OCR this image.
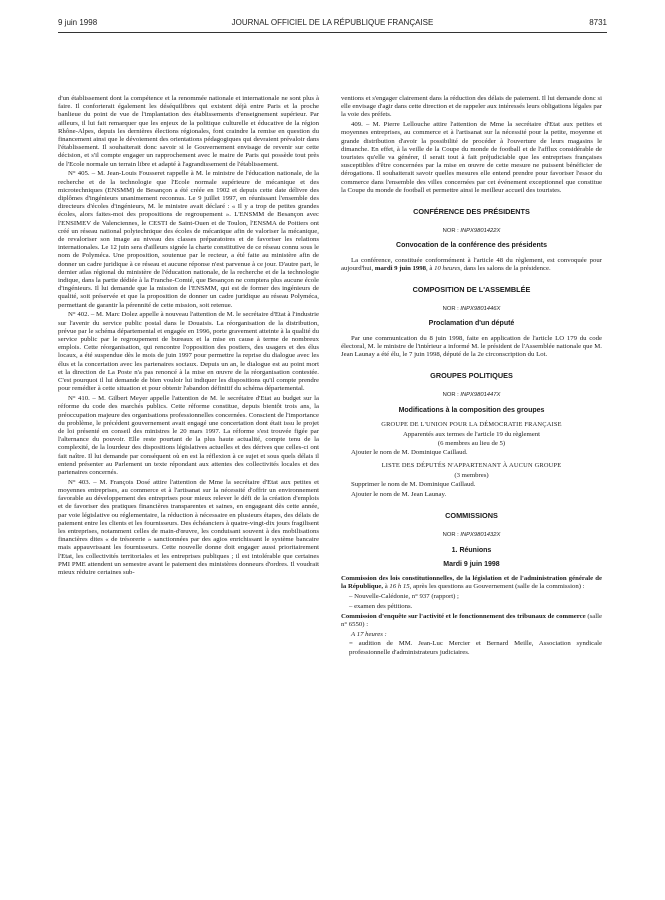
9 juin 1998	JOURNAL OFFICIEL DE LA RÉPUBLIQUE FRANÇAISE	8731

d'un établissement dont la compétence et la renommée nationale et internationale ne sont plus à faire. Il conforterait également les déséquilibres qui existent déjà entre Paris et la proche banlieue du point de vue de l'implantation des établissements d'enseignement supérieur. Par ailleurs, il lui fait remarquer que les enjeux de la politique culturelle et éducative de la région Rhône-Alpes, depuis les dernières élections régionales, font craindre la remise en question du financement ainsi que le dévoiement des orientations pédagogiques qui devraient prévaloir dans l'établissement. Il souhaiterait donc savoir si le Gouvernement envisage de revenir sur cette décision, et s'il compte engager un rapprochement avec le maire de Paris qui possède tout près de l'Ecole normale un terrain libre et adapté à l'agrandissement de l'établissement.

N° 405. – M. Jean-Louis Fousseret rappelle à M. le ministre de l'éducation nationale, de la recherche et de la technologie que l'Ecole normale supérieure de mécanique et des microtechniques (ENSMM) de Besançon a été créée en 1902 et depuis cette date délivre des diplômes d'ingénieurs unanimement reconnus. Le 9 juillet 1997, en réunissant l'ensemble des directeurs d'écoles d'ingénieurs, M. le ministre avait déclaré : « Il y a trop de petites grandes écoles, alors faites-moi des propositions de regroupement ». L'ENSMM de Besançon avec l'ENSIMEV de Valenciennes, le CESTI de Saint-Ouen et de Toulon, l'ENSMA de Poitiers ont créé un réseau national polytechnique des écoles de mécanique afin de valoriser la mécanique, de revaloriser son image au niveau des classes préparatoires et de favoriser les relations internationales. Le 12 juin sera d'ailleurs signée la charte constitutive de ce réseau connu sous le nom de Polyméca. Une proposition, soutenue par le recteur, a été faite au ministère afin de donner un cadre juridique à ce réseau et aucune réponse n'est parvenue à ce jour. D'autre part, le dernier atlas régional du ministère de l'éducation nationale, de la recherche et de la technologie indique, dans la partie dédiée à la Franche-Comté, que Besançon ne comptera plus aucune école d'ingénieurs. Il lui demande que la mission de l'ENSMM, qui est de former des ingénieurs de qualité, soit préservée et que la proposition de donner un cadre juridique au réseau Polyméca, permettant de garantir la pérennité de cette mission, soit retenue.

N° 402. – M. Marc Dolez appelle à nouveau l'attention de M. le secrétaire d'Etat à l'industrie sur l'avenir du service public postal dans le Douaisis. La réorganisation de la distribution, prévue par le schéma départemental et engagée en 1996, porte gravement atteinte à la qualité du service public par le regroupement de bureaux et la mise en cause à terme de nombreux emplois. Cette réorganisation, qui rencontre l'opposition des postiers, des usagers et des élus locaux, a été suspendue dès le mois de juin 1997 pour permettre la reprise du dialogue avec les élus et la concertation avec les partenaires sociaux. Depuis un an, le dialogue est au point mort et la direction de La Poste n'a pas renoncé à la mise en œuvre de la réorganisation contestée. C'est pourquoi il lui demande de bien vouloir lui indiquer les dispositions qu'il compte prendre pour remédier à cette situation et pour obtenir l'abandon définitif du schéma départemental.

N° 410. – M. Gilbert Meyer appelle l'attention de M. le secrétaire d'Etat au budget sur la réforme du code des marchés publics. Cette réforme constitue, depuis bientôt trois ans, la préoccupation majeure des organisations professionnelles concernées. Conscient de l'importance du problème, le précédent gouvernement avait engagé une concertation dont était issu le projet de loi présenté en conseil des ministres le 20 mars 1997. La réforme s'est trouvée figée par l'alternance du pouvoir. Elle reste pourtant de la plus haute actualité, compte tenu de la complexité, de la lourdeur des dispositions législatives actuelles et des dérives que celles-ci ont fait naître. Il lui demande par conséquent où en est la réflexion à ce sujet et sous quels délais il entend présenter au Parlement un texte répondant aux attentes des collectivités locales et des partenaires concernés.

N° 403. – M. François Dosé attire l'attention de Mme la secrétaire d'Etat aux petites et moyennes entreprises, au commerce et à l'artisanat sur la nécessité d'offrir un environnement favorable au développement des entreprises pour mieux relever le défi de la création d'emplois et de favoriser des pratiques financières transparentes et saines, en engageant dès cette année, par voie législative ou réglementaire, la réduction à nécessaire en plusieurs étapes, des délais de paiement entre les clients et les fournisseurs. Des échéanciers à quatre-vingt-dix jours fragilisent les entreprises, notamment celles de main-d'œuvre, les conduisant souvent à des mobilisations financières dites « de trésorerie » sanctionnées par des agios enrichissant le système bancaire mais appauvrissant les fournisseurs. Cette nouvelle donne doit engager aussi prioritairement l'Etat, les collectivités territoriales et les entreprises publiques ; il est intolérable que certaines PMI PME attendent un semestre avant le paiement des ministères donneurs d'ordres. Il voudrait mieux réduire certaines sub-

ventions et s'engager clairement dans la réduction des délais de paiement. Il lui demande donc si elle envisage d'agir dans cette direction et de rappeler aux intéressés leurs obligations légales par la voie des préfets.

409. – M. Pierre Lellouche attire l'attention de Mme la secrétaire d'Etat aux petites et moyennes entreprises, au commerce et à l'artisanat sur la nécessité pour la petite, moyenne et grande distribution d'avoir la possibilité de procéder à l'ouverture de leurs magasins le dimanche. En effet, à la veille de la Coupe du monde de football et de l'afflux considérable de touristes qu'elle va générer, il serait tout à fait préjudiciable que les entreprises françaises susceptibles d'être concernées par la mise en œuvre de cette mesure ne puissent bénéficier de dérogations. Il souhaiterait savoir quelles mesures elle entend prendre pour favoriser l'essor du commerce dans l'ensemble des villes concernées par cet événement exceptionnel que constitue la Coupe du monde de football et permettre ainsi le meilleur accueil des touristes.

CONFÉRENCE DES PRÉSIDENTS
NOR : INPX9801422X
Convocation de la conférence des présidents

La conférence, constituée conformément à l'article 48 du règlement, est convoquée pour aujourd'hui, mardi 9 juin 1998, à 10 heures, dans les salons de la présidence.

COMPOSITION DE L'ASSEMBLÉE
NOR : INPX9801446X
Proclamation d'un député

Par une communication du 8 juin 1998, faite en application de l'article LO 179 du code électoral, M. le ministre de l'intérieur a informé M. le président de l'Assemblée nationale que M. Jean Launay a été élu, le 7 juin 1998, député de la 2e circonscription du Lot.

GROUPES POLITIQUES
NOR : INPX9801447X
Modifications à la composition des groupes
GROUPE DE L'UNION POUR LA DÉMOCRATIE FRANÇAISE
Apparentés aux termes de l'article 19 du règlement
(6 membres au lieu de 5)

Ajouter le nom de M. Dominique Caillaud.

LISTE DES DÉPUTÉS N'APPARTENANT À AUCUN GROUPE
(3 membres)

Supprimer le nom de M. Dominique Caillaud.

Ajouter le nom de M. Jean Launay.

COMMISSIONS
NOR : INPX9801432X
1. Réunions
Mardi 9 juin 1998

Commission des lois constitutionnelles, de la législation et de l'administration générale de la République, à 16 h 15, après les questions au Gouvernement (salle de la commission) :

– Nouvelle-Calédonie, n° 937 (rapport) ;

– examen des pétitions.

Commission d'enquête sur l'activité et le fonctionnement des tribunaux de commerce (salle n° 6550) :

A 17 heures :

= audition de MM. Jean-Luc Mercier et Bernard Meille, Association syndicale professionnelle d'administrateurs judiciaires.
